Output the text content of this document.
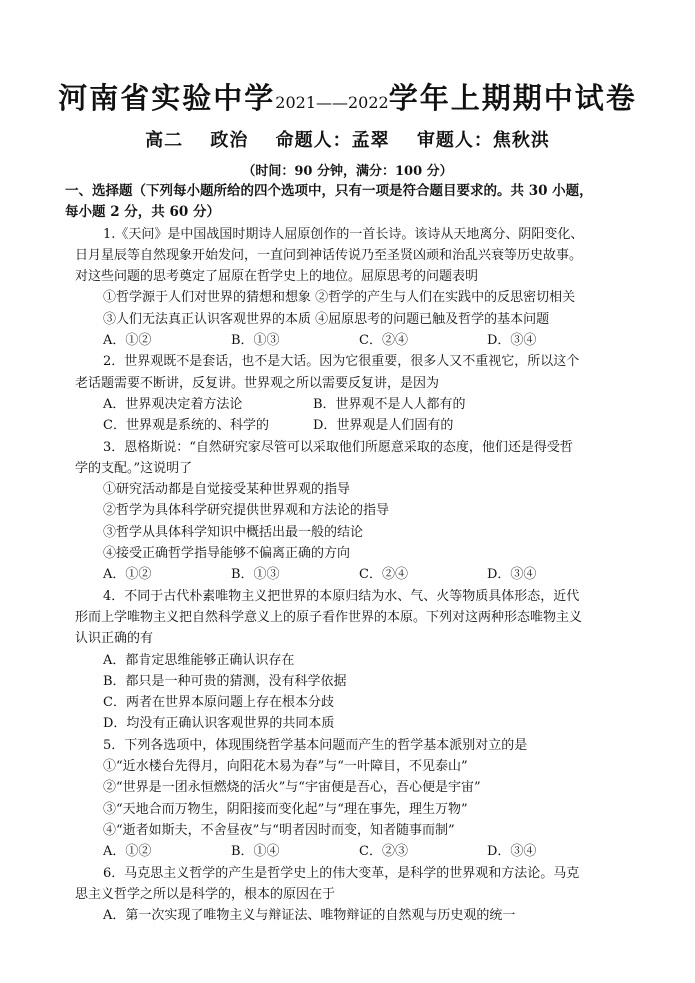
河南省实验中学2021——2022学年上期期中试卷
高二 政治 命题人：孟翠 审题人：焦秋洪
（时间：90 分钟，满分：100 分）
一、选择题（下列每小题所给的四个选项中，只有一项是符合题目要求的。共 30 小题，
每小题 2 分，共 60 分）
1.《天问》是中国战国时期诗人屈原创作的一首长诗。该诗从天地离分、阴阳变化、
日月星辰等自然现象开始发问，一直问到神话传说乃至圣贤凶顽和治乱兴衰等历史故事。
对这些问题的思考奠定了屈原在哲学史上的地位。屈原思考的问题表明
①哲学源于人们对世界的猜想和想象 ②哲学的产生与人们在实践中的反思密切相关
③人们无法真正认识客观世界的本质 ④屈原思考的问题已触及哲学的基本问题
A．①②	B．①③	C．②④	D．③④
2．世界观既不是套话，也不是大话。因为它很重要，很多人又不重视它，所以这个
老话题需要不断讲，反复讲。世界观之所以需要反复讲，是因为
A．世界观决定着方法论	B．世界观不是人人都有的
C．世界观是系统的、科学的	D．世界观是人们固有的
3．恩格斯说：“自然研究家尽管可以采取他们所愿意采取的态度，他们还是得受哲
学的支配。”这说明了
①研究活动都是自觉接受某种世界观的指导
②哲学为具体科学研究提供世界观和方法论的指导
③哲学从具体科学知识中概括出最一般的结论
④接受正确哲学指导能够不偏离正确的方向
A．①②	B．①③	C．②④	D．③④
4．不同于古代朴素唯物主义把世界的本原归结为水、气、火等物质具体形态，近代
形而上学唯物主义把自然科学意义上的原子看作世界的本原。下列对这两种形态唯物主义
认识正确的有
A．都肯定思维能够正确认识存在
B．都只是一种可贵的猜测，没有科学依据
C．两者在世界本原问题上存在根本分歧
D．均没有正确认识客观世界的共同本质
5．下列各选项中，体现围绕哲学基本问题而产生的哲学基本派别对立的是
①“近水楼台先得月，向阳花木易为春”与“一叶障目，不见泰山”
②“世界是一团永恒燃烧的活火”与“宇宙便是吾心，吾心便是宇宙”
③“天地合而万物生，阴阳接而变化起”与“理在事先，理生万物”
④“逝者如斯夫，不舍昼夜”与“明者因时而变，知者随事而制”
A．①②	B．①④	C．②③	D．③④
6．马克思主义哲学的产生是哲学史上的伟大变革，是科学的世界观和方法论。马克
思主义哲学之所以是科学的，根本的原因在于
A．第一次实现了唯物主义与辩证法、唯物辩证的自然观与历史观的统一
